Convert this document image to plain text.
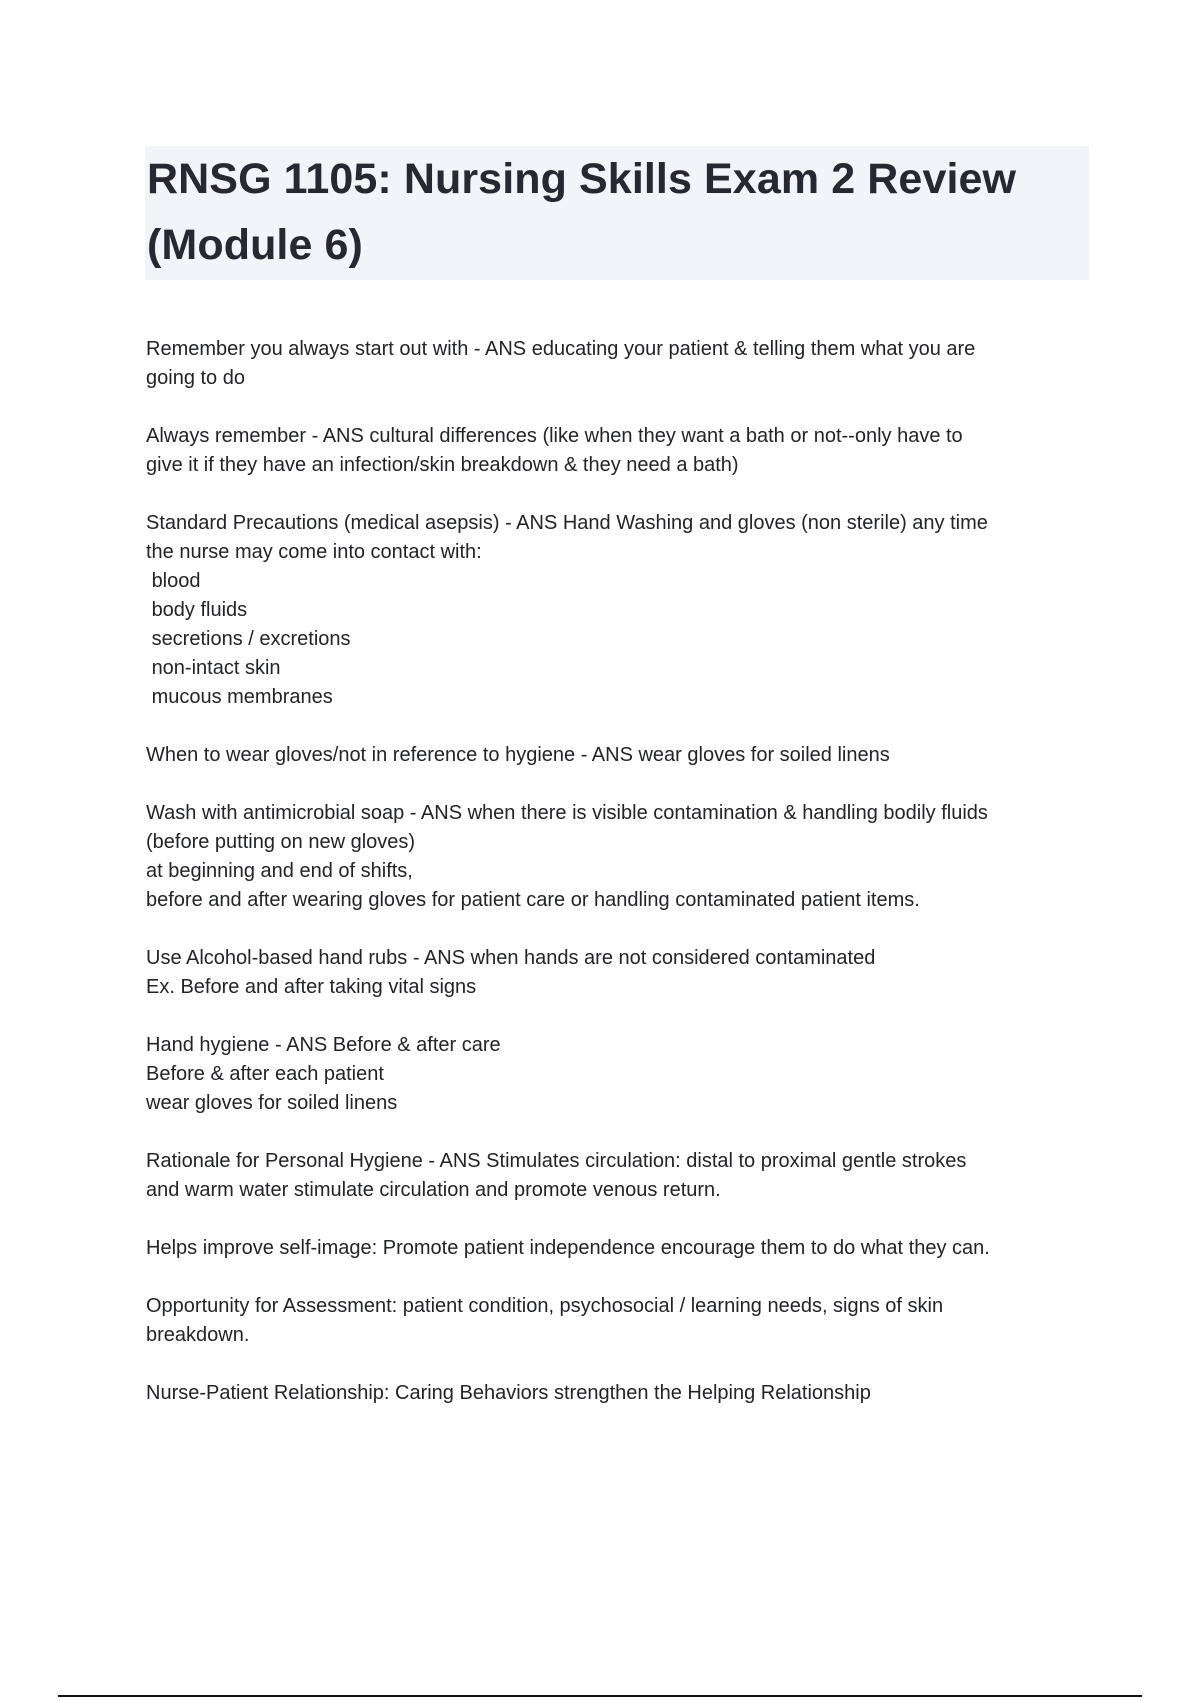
RNSG 1105: Nursing Skills Exam 2 Review
(Module 6)
Remember you always start out with - ANS educating your patient & telling them what you are
going to do
Always remember - ANS cultural differences (like when they want a bath or not--only have to
give it if they have an infection/skin breakdown & they need a bath)
Standard Precautions (medical asepsis) - ANS Hand Washing and gloves (non sterile) any time
the nurse may come into contact with:
blood
body fluids
secretions / excretions
non-intact skin
mucous membranes
When to wear gloves/not in reference to hygiene - ANS wear gloves for soiled linens
Wash with antimicrobial soap - ANS when there is visible contamination & handling bodily fluids
(before putting on new gloves)
at beginning and end of shifts,
before and after wearing gloves for patient care or handling contaminated patient items.
Use Alcohol-based hand rubs - ANS when hands are not considered contaminated
Ex. Before and after taking vital signs
Hand hygiene - ANS Before & after care
Before & after each patient
wear gloves for soiled linens
Rationale for Personal Hygiene - ANS Stimulates circulation: distal to proximal gentle strokes
and warm water stimulate circulation and promote venous return.
Helps improve self-image: Promote patient independence encourage them to do what they can.
Opportunity for Assessment: patient condition, psychosocial / learning needs, signs of skin
breakdown.
Nurse-Patient Relationship: Caring Behaviors strengthen the Helping Relationship
